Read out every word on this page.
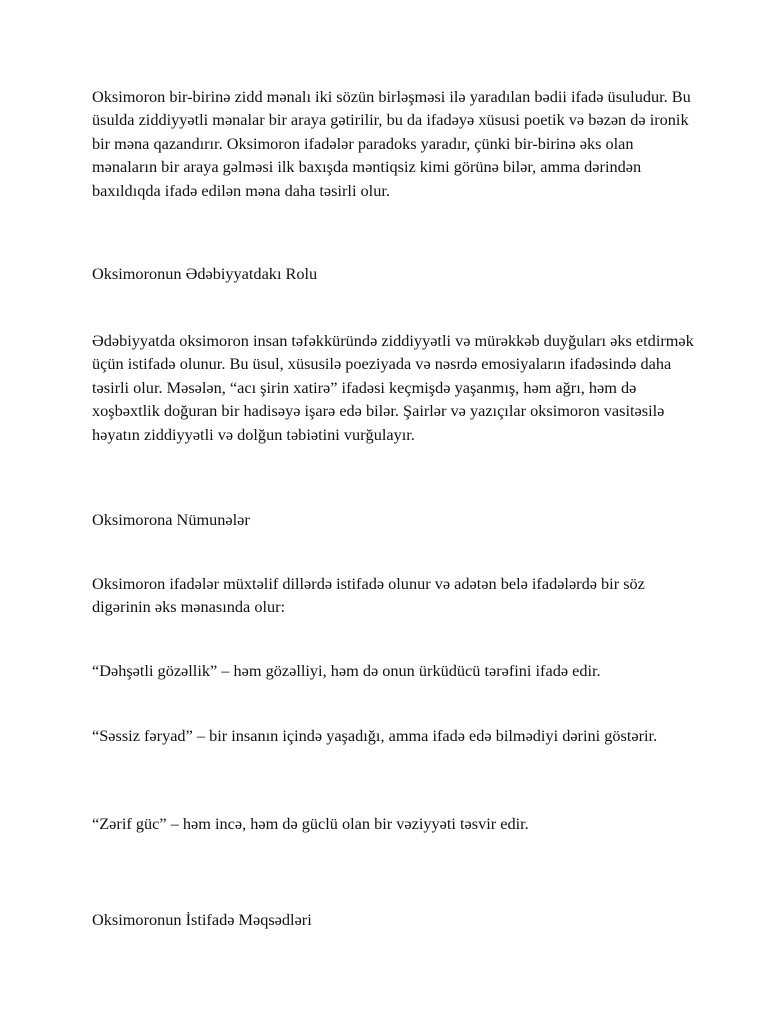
Oksimoron bir-birinə zidd mənalı iki sözün birləşməsi ilə yaradılan bədii ifadə üsuludur. Bu üsulda ziddiyyətli mənalar bir araya gətirilir, bu da ifadəyə xüsusi poetik və bəzən də ironik bir məna qazandırır. Oksimoron ifadələr paradoks yaradır, çünki bir-birinə əks olan mənaların bir araya gəlməsi ilk baxışda məntiqsiz kimi görünə bilər, amma dərindən baxıldıqda ifadə edilən məna daha təsirli olur.

Oksimoronun Ədəbiyyatdakı Rolu

Ədəbiyyatda oksimoron insan təfəkküründə ziddiyyətli və mürəkkəb duyğuları əks etdirmək üçün istifadə olunur. Bu üsul, xüsusilə poeziyada və nəsrdə emosiyaların ifadəsində daha təsirli olur. Məsələn, “acı şirin xatirə” ifadəsi keçmişdə yaşanmış, həm ağrı, həm də xoşbəxtlik doğuran bir hadisəyə işarə edə bilər. Şairlər və yazıçılar oksimoron vasitəsilə həyatın ziddiyyətli və dolğun təbiətini vurğulayır.

Oksimorona Nümunələr

Oksimoron ifadələr müxtəlif dillərdə istifadə olunur və adətən belə ifadələrdə bir söz digərinin əks mənasında olur:

“Dəhşətli gözəllik” – həm gözəlliyi, həm də onun ürküdücü tərəfini ifadə edir.

“Səssiz fəryad” – bir insanın içində yaşadığı, amma ifadə edə bilmədiyi dərini göstərir.

“Zərif güc” – həm incə, həm də güclü olan bir vəziyyəti təsvir edir.

Oksimoronun İstifadə Məqsədləri
